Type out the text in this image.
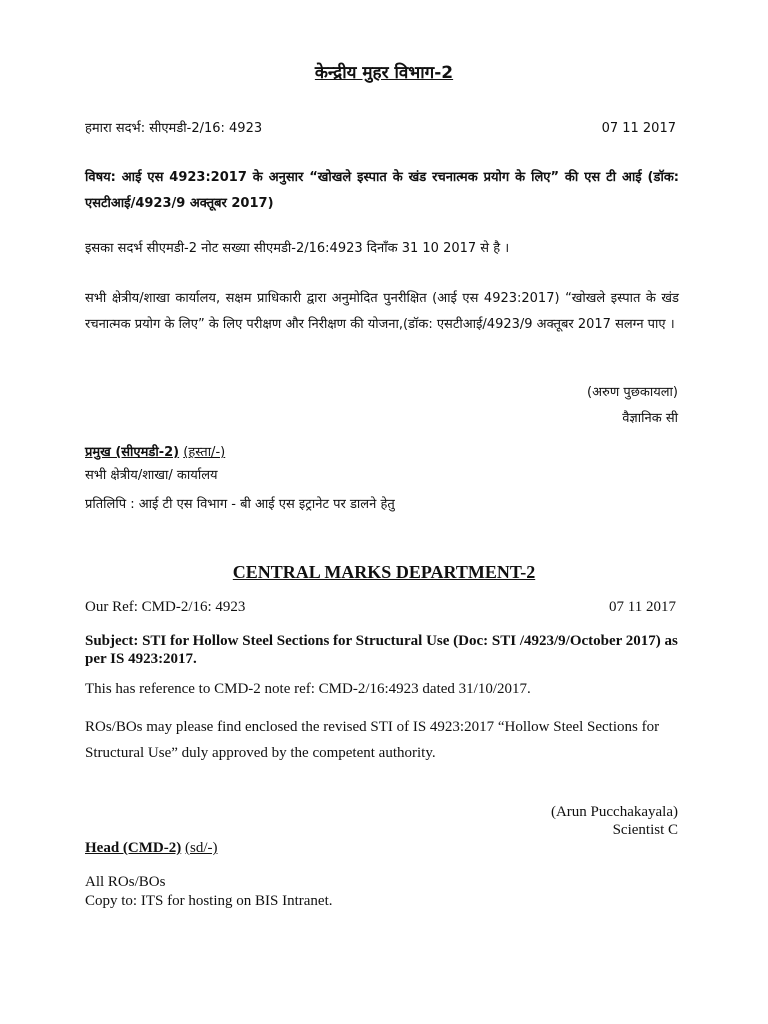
केन्द्रीय मुहर विभाग-2
हमारा सदर्भ: सीएमडी-2/16: 4923	07 11 2017
विषय: आई एस 4923:2017 के अनुसार “खोखले इस्पात के खंड रचनात्मक प्रयोग के लिए” की एस टी आई (डॉक: एसटीआई/4923/9 अक्तूबर 2017)
इसका सदर्भ सीएमडी-2 नोट सख्या सीएमडी-2/16:4923 दिनाँक 31 10 2017 से है ।
सभी क्षेत्रीय/शाखा कार्यालय, सक्षम प्राधिकारी द्वारा अनुमोदित पुनरीक्षित (आई एस 4923:2017) “खोखले इस्पात के खंड रचनात्मक प्रयोग के लिए” के लिए परीक्षण और निरीक्षण की योजना,(डॉक: एसटीआई/4923/9 अक्तूबर 2017 सलग्न पाए ।
(अरुण पुछकायला)
वैज्ञानिक सी
प्रमुख (सीएमडी-2) (हस्ता/-)
सभी क्षेत्रीय/शाखा/ कार्यालय
प्रतिलिपि : आई टी एस विभाग - बी आई एस इट्रानेट पर डालने हेतु
CENTRAL MARKS DEPARTMENT-2
Our Ref: CMD-2/16: 4923	07 11 2017
Subject: STI for Hollow Steel Sections for Structural Use (Doc: STI /4923/9/October 2017) as per IS 4923:2017.
This has reference to CMD-2 note ref: CMD-2/16:4923 dated 31/10/2017.
ROs/BOs may please find enclosed the revised STI of IS 4923:2017 “Hollow Steel Sections for Structural Use” duly approved by the competent authority.
(Arun Pucchakayala)
Scientist C
Head (CMD-2) (sd/-)
All ROs/BOs
Copy to: ITS for hosting on BIS Intranet.
